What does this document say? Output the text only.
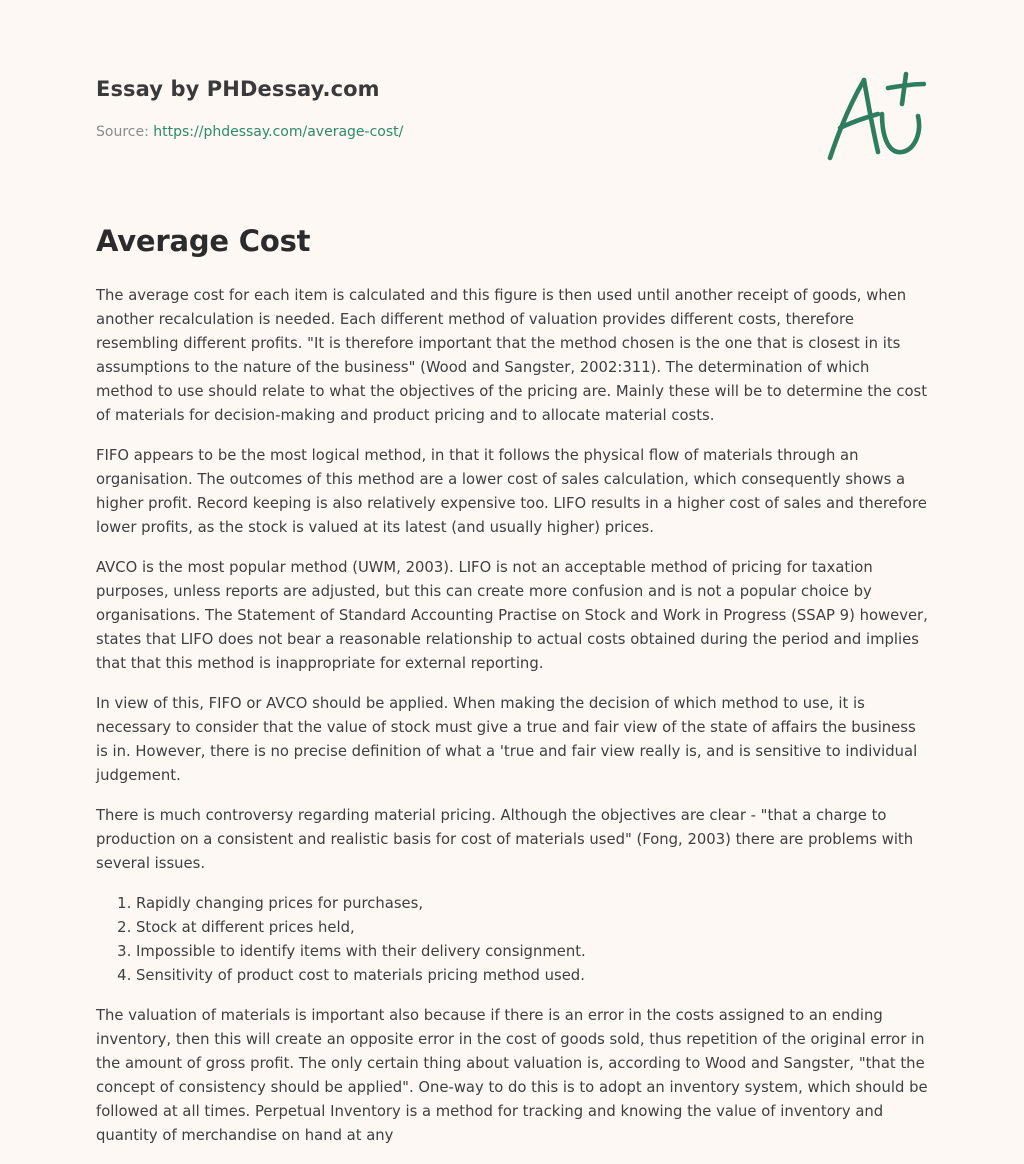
Essay by PHDessay.com

Source: https://phdessay.com/average-cost/

Average Cost

The average cost for each item is calculated and this figure is then used until another receipt of goods, when another recalculation is needed. Each different method of valuation provides different costs, therefore resembling different profits. "It is therefore important that the method chosen is the one that is closest in its assumptions to the nature of the business" (Wood and Sangster, 2002:311). The determination of which method to use should relate to what the objectives of the pricing are. Mainly these will be to determine the cost of materials for decision-making and product pricing and to allocate material costs.

FIFO appears to be the most logical method, in that it follows the physical flow of materials through an organisation. The outcomes of this method are a lower cost of sales calculation, which consequently shows a higher profit. Record keeping is also relatively expensive too. LIFO results in a higher cost of sales and therefore lower profits, as the stock is valued at its latest (and usually higher) prices.

AVCO is the most popular method (UWM, 2003). LIFO is not an acceptable method of pricing for taxation purposes, unless reports are adjusted, but this can create more confusion and is not a popular choice by organisations. The Statement of Standard Accounting Practise on Stock and Work in Progress (SSAP 9) however, states that LIFO does not bear a reasonable relationship to actual costs obtained during the period and implies that that this method is inappropriate for external reporting.

In view of this, FIFO or AVCO should be applied. When making the decision of which method to use, it is necessary to consider that the value of stock must give a true and fair view of the state of affairs the business is in. However, there is no precise definition of what a 'true and fair view really is, and is sensitive to individual judgement.

There is much controversy regarding material pricing. Although the objectives are clear - "that a charge to production on a consistent and realistic basis for cost of materials used" (Fong, 2003) there are problems with several issues.

1. Rapidly changing prices for purchases,
2. Stock at different prices held,
3. Impossible to identify items with their delivery consignment.
4. Sensitivity of product cost to materials pricing method used.

The valuation of materials is important also because if there is an error in the costs assigned to an ending inventory, then this will create an opposite error in the cost of goods sold, thus repetition of the original error in the amount of gross profit. The only certain thing about valuation is, according to Wood and Sangster, "that the concept of consistency should be applied". One-way to do this is to adopt an inventory system, which should be followed at all times. Perpetual Inventory is a method for tracking and knowing the value of inventory and quantity of merchandise on hand at any
